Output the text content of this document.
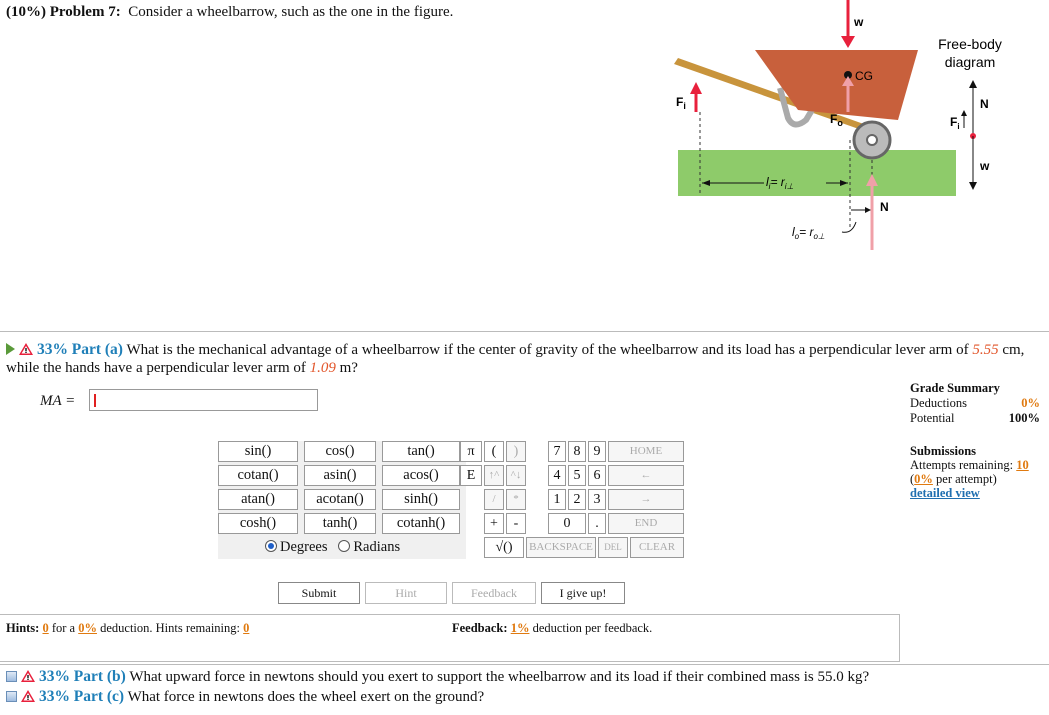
(10%) Problem 7: Consider a wheelbarrow, such as the one in the figure.
w
CG
$F_o$
$F_i$
$l_i= r_{i\perp}$
N
$l_o= r_{o\perp}$
Free-body
diagram
N
w
$F_i$
33% Part (a) What is the mechanical advantage of a wheelbarrow if the center of gravity of the wheelbarrow and its load has a perpendicular lever arm of 5.55 cm, while the hands have a perpendicular lever arm of 1.09 m?
MA =
Grade Summary
Deductions	0%
Potential	100%
Submissions
Attempts remaining: 10
(0% per attempt)
detailed view
sin()	cos()	tan()
cotan()	asin()	acos()
atan()	acotan()	sinh()
cosh()	tanh()	cotanh()
Degrees Radians
π	(	)	7 8 9	HOME
E	↑^	^↓	4 5 6	←
/	*	1 2 3	→
+	-	0	.	END
√()	BACKSPACE	DEL	CLEAR
Submit	Hint	Feedback	I give up!
Hints: 0 for a 0% deduction. Hints remaining: 0	Feedback: 1% deduction per feedback.
33% Part (b) What upward force in newtons should you exert to support the wheelbarrow and its load if their combined mass is 55.0 kg?
33% Part (c) What force in newtons does the wheel exert on the ground?
